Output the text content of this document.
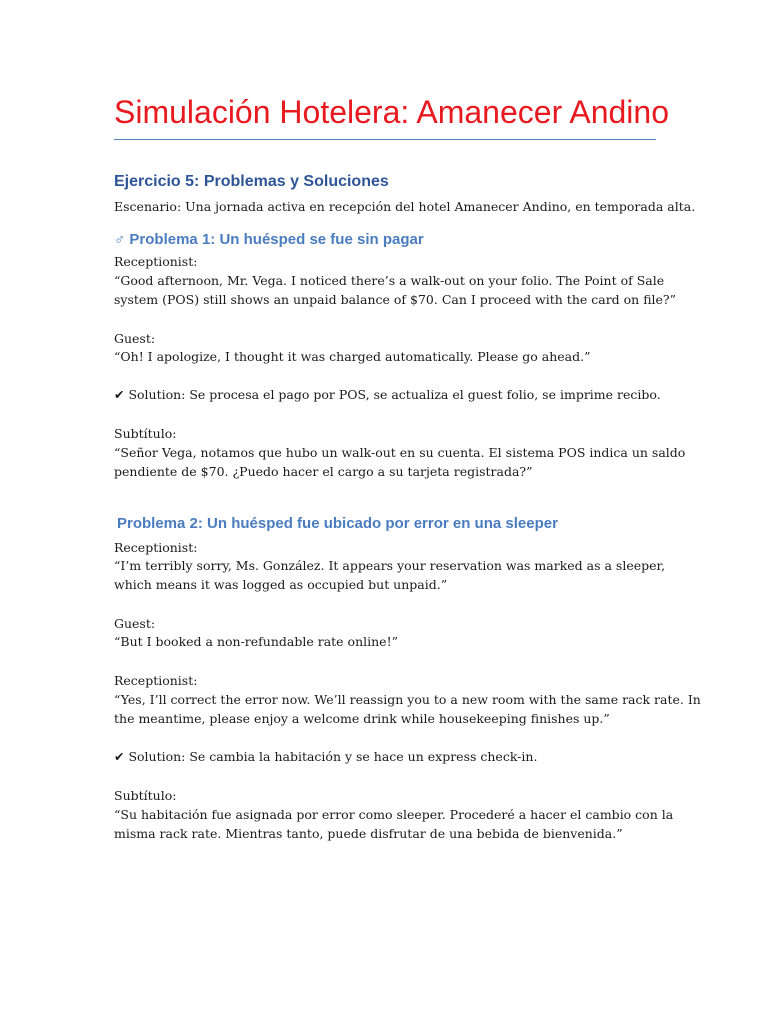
Simulación Hotelera: Amanecer Andino
Ejercicio 5: Problemas y Soluciones
Escenario: Una jornada activa en recepción del hotel Amanecer Andino, en temporada alta.
♂ Problema 1: Un huésped se fue sin pagar
Receptionist:
“Good afternoon, Mr. Vega. I noticed there’s a walk-out on your folio. The Point of Sale
system (POS) still shows an unpaid balance of $70. Can I proceed with the card on file?”
Guest:
“Oh! I apologize, I thought it was charged automatically. Please go ahead.”
✔ Solution: Se procesa el pago por POS, se actualiza el guest folio, se imprime recibo.
Subtítulo:
“Señor Vega, notamos que hubo un walk-out en su cuenta. El sistema POS indica un saldo
pendiente de $70. ¿Puedo hacer el cargo a su tarjeta registrada?”
Problema 2: Un huésped fue ubicado por error en una sleeper
Receptionist:
“I’m terribly sorry, Ms. González. It appears your reservation was marked as a sleeper,
which means it was logged as occupied but unpaid.”
Guest:
“But I booked a non-refundable rate online!”
Receptionist:
“Yes, I’ll correct the error now. We’ll reassign you to a new room with the same rack rate. In
the meantime, please enjoy a welcome drink while housekeeping finishes up.”
✔ Solution: Se cambia la habitación y se hace un express check-in.
Subtítulo:
“Su habitación fue asignada por error como sleeper. Procederé a hacer el cambio con la
misma rack rate. Mientras tanto, puede disfrutar de una bebida de bienvenida.”
